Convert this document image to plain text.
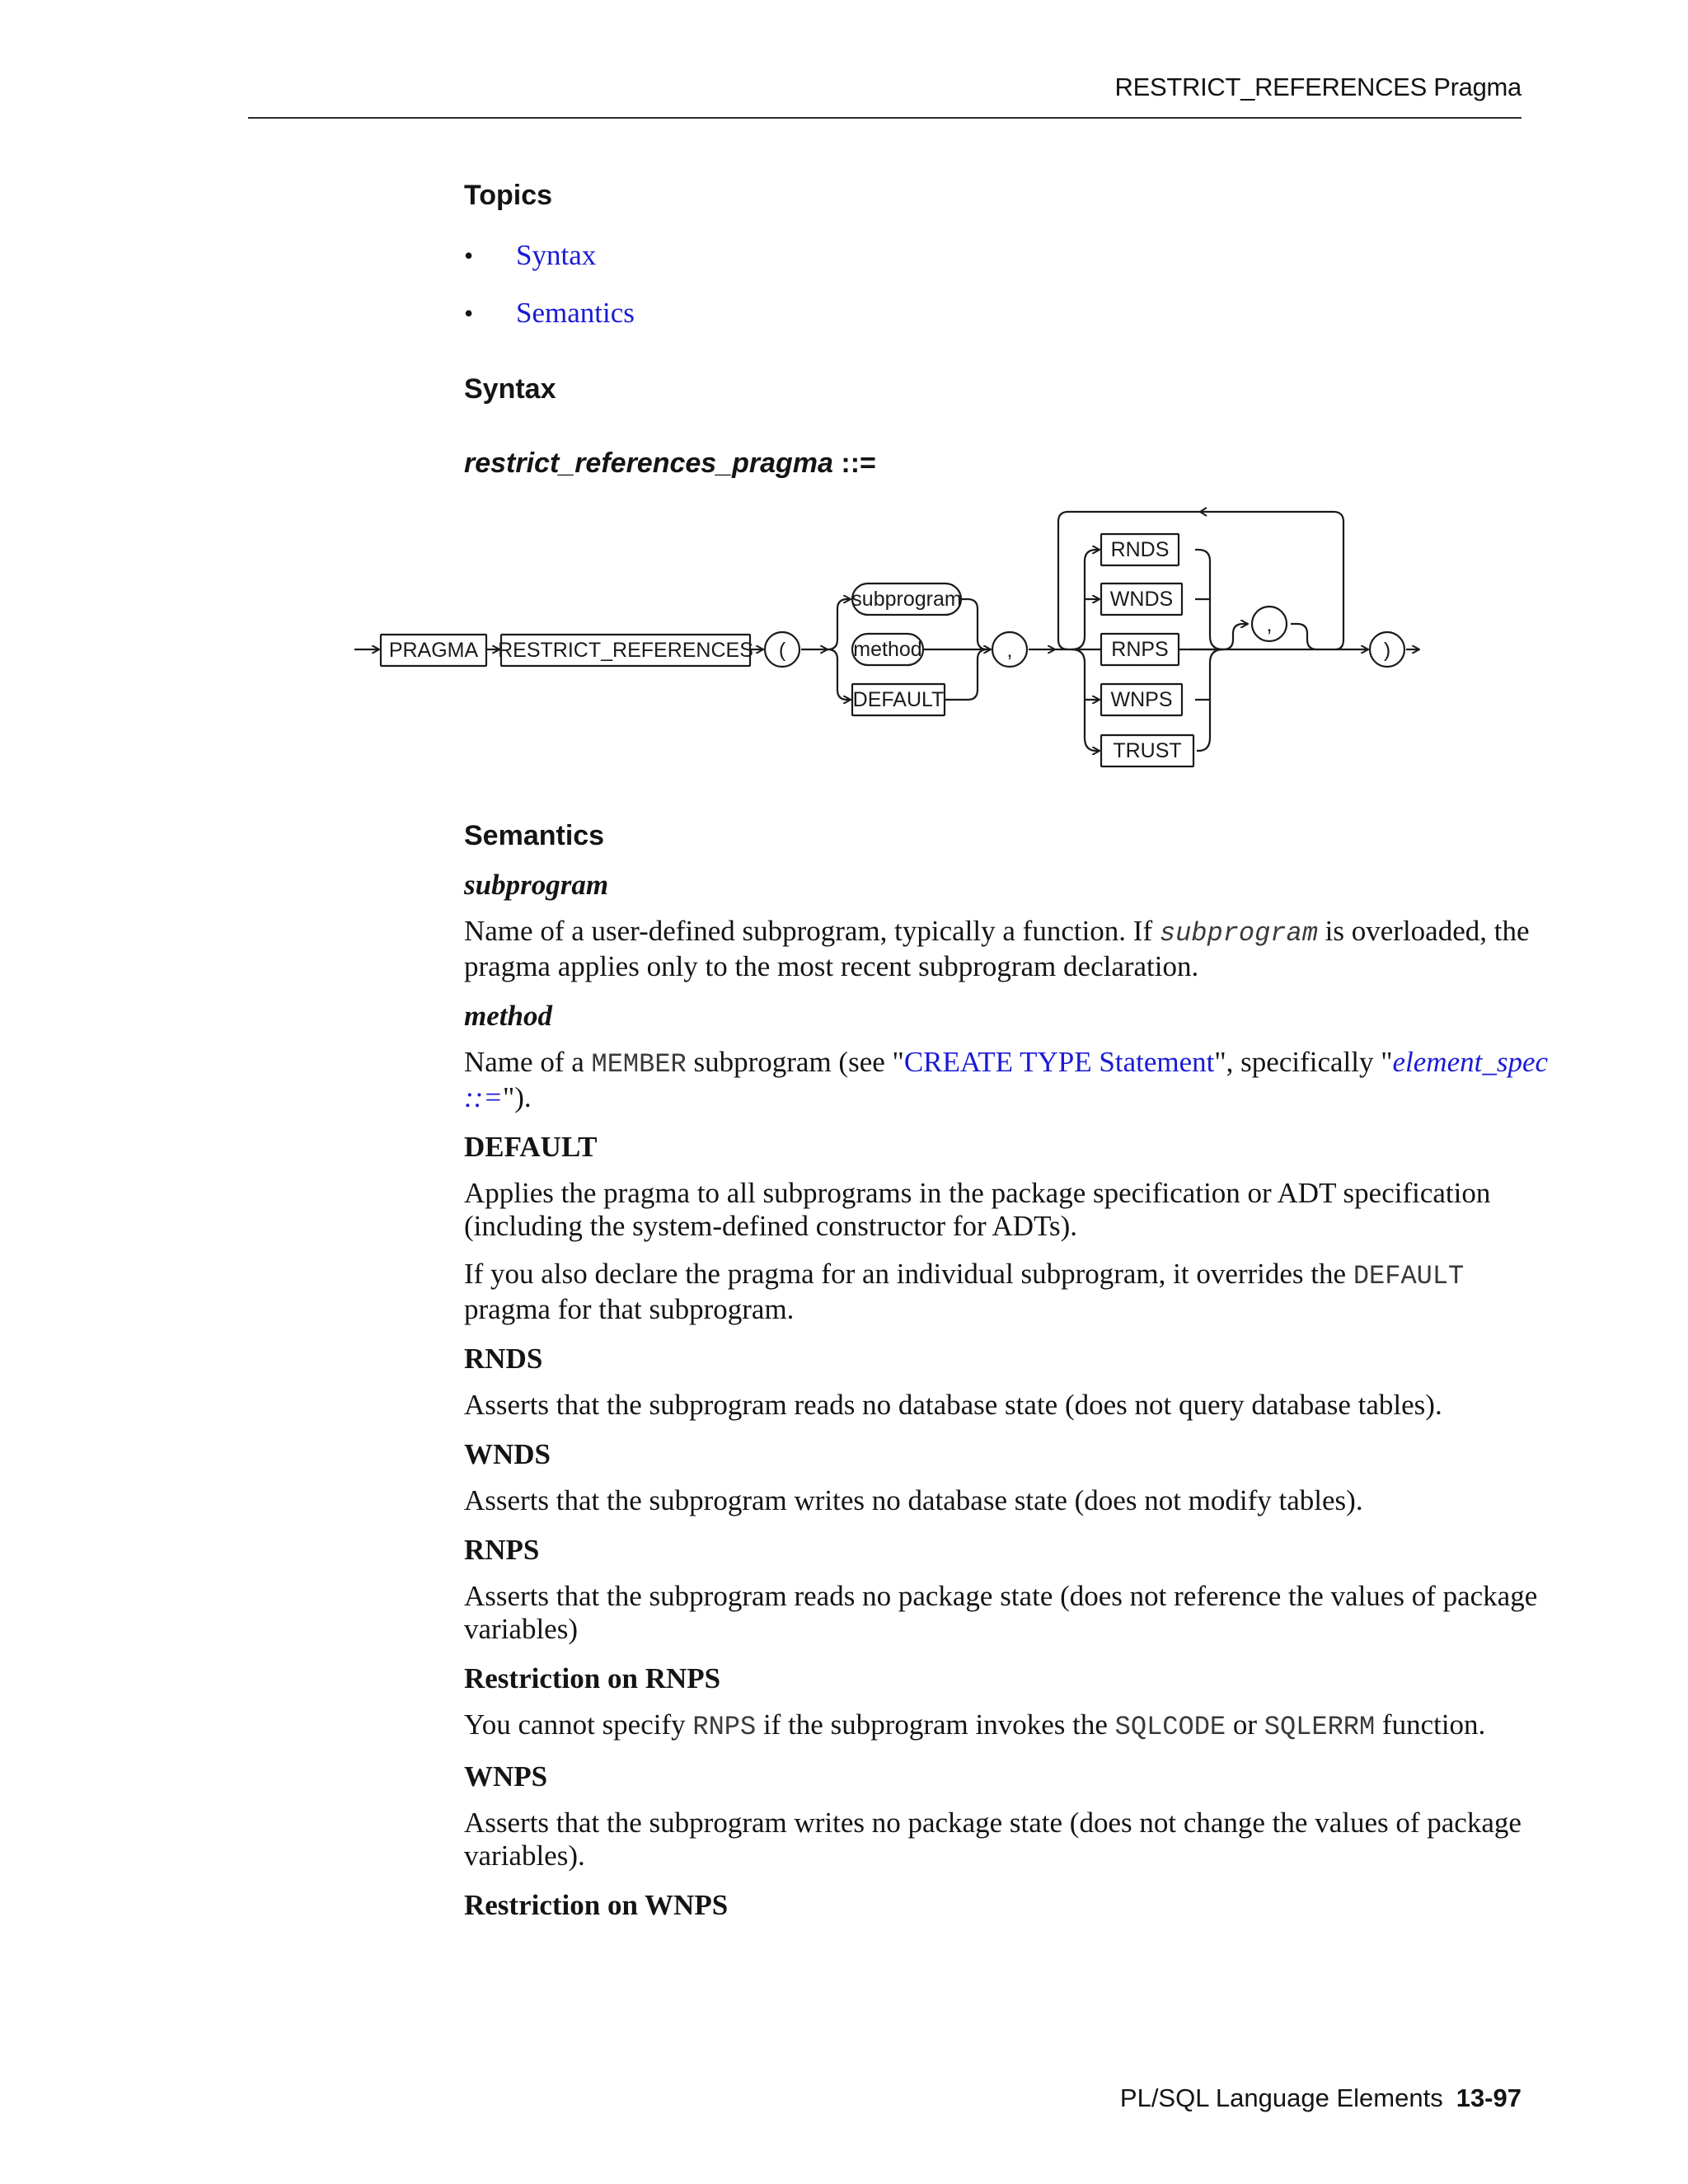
RESTRICT_REFERENCES Pragma
Topics
•	Syntax
•	Semantics
Syntax
restrict_references_pragma ::=
PRAGMA RESTRICT_REFERENCES (
subprogram
method
DEFAULT
,
RNDS
WNDS
RNPS
WNPS
TRUST
,
)
Semantics
subprogram

Name of a user-defined subprogram, typically a function. If subprogram is overloaded, the pragma applies only to the most recent subprogram declaration.

method

Name of a MEMBER subprogram (see "CREATE TYPE Statement", specifically "element_spec ::=").

DEFAULT

Applies the pragma to all subprograms in the package specification or ADT specification (including the system-defined constructor for ADTs).

If you also declare the pragma for an individual subprogram, it overrides the DEFAULT pragma for that subprogram.

RNDS

Asserts that the subprogram reads no database state (does not query database tables).

WNDS

Asserts that the subprogram writes no database state (does not modify tables).

RNPS

Asserts that the subprogram reads no package state (does not reference the values of package variables)

Restriction on RNPS

You cannot specify RNPS if the subprogram invokes the SQLCODE or SQLERRM function.

WNPS

Asserts that the subprogram writes no package state (does not change the values of package variables).

Restriction on WNPS
PL/SQL Language Elements 13-97
